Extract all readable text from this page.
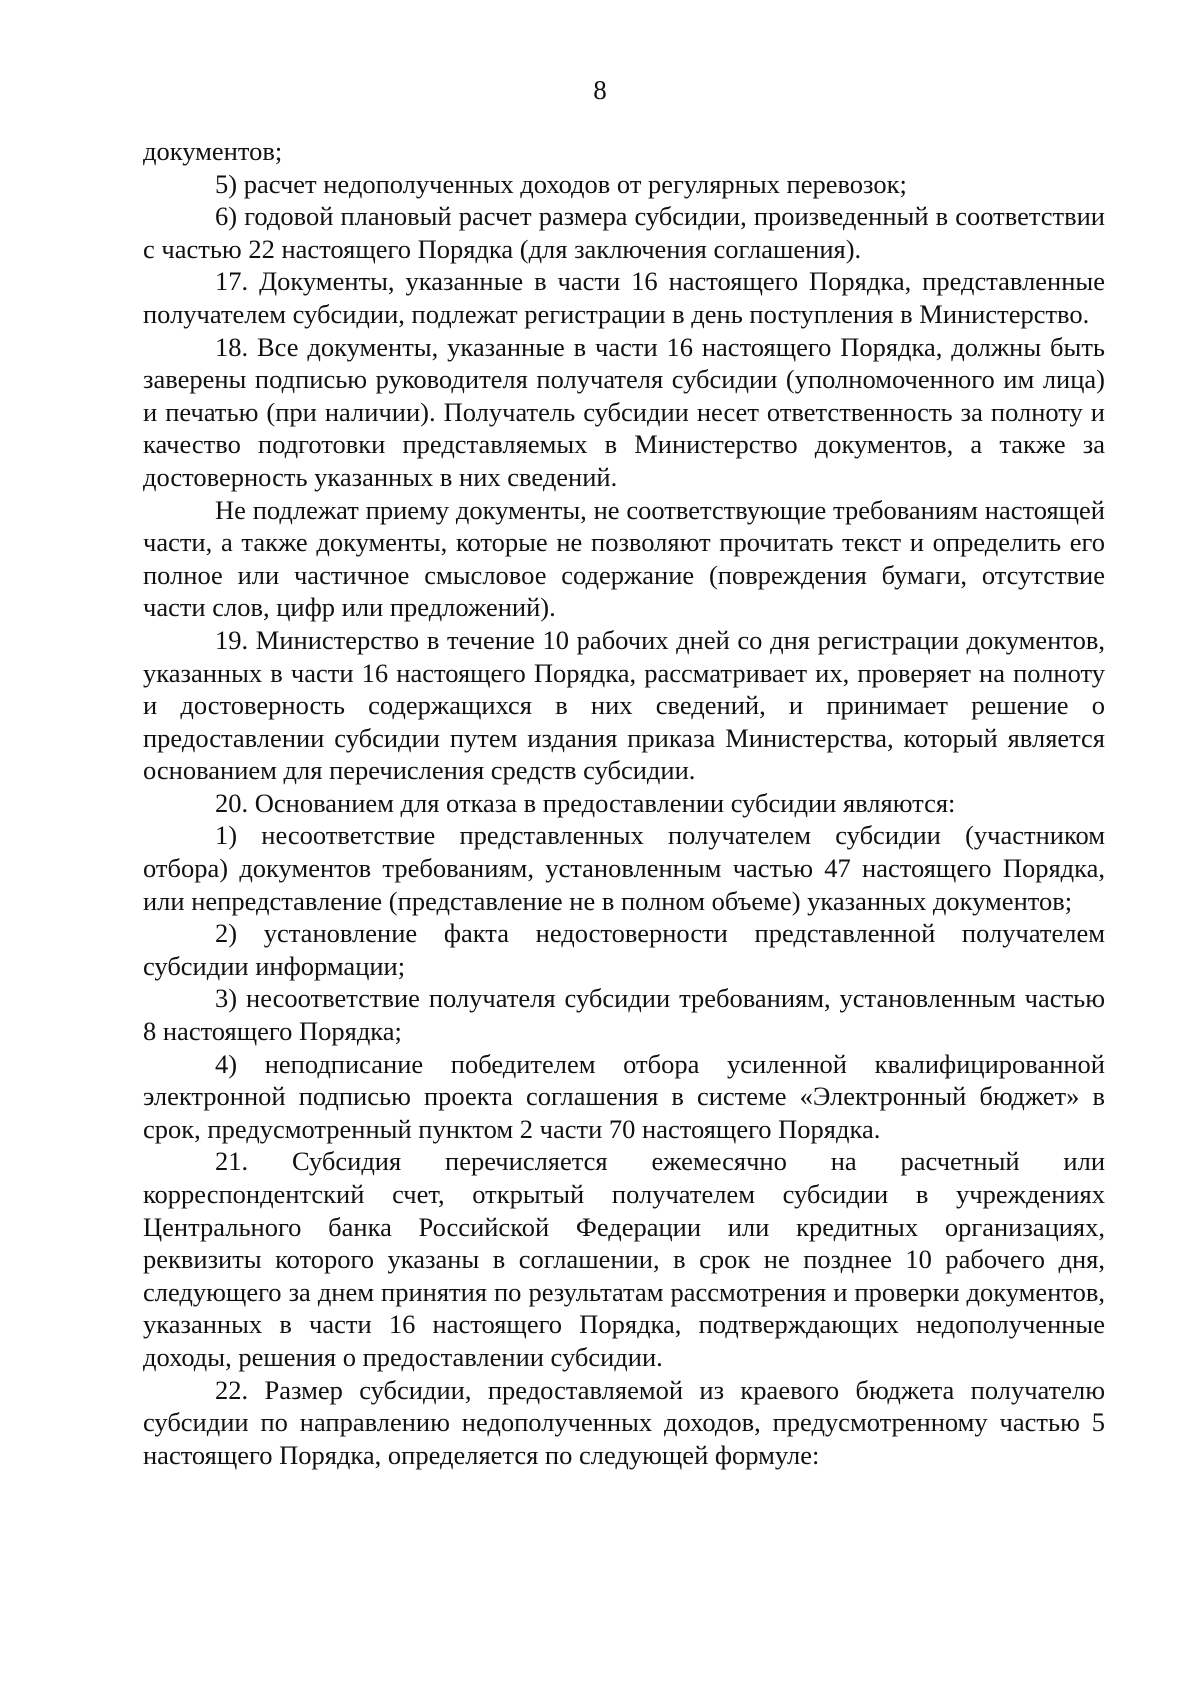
8

документов;

5) расчет недополученных доходов от регулярных перевозок;

6) годовой плановый расчет размера субсидии, произведенный в соответствии с частью 22 настоящего Порядка (для заключения соглашения).

17. Документы, указанные в части 16 настоящего Порядка, представленные получателем субсидии, подлежат регистрации в день поступления в Министерство.

18. Все документы, указанные в части 16 настоящего Порядка, должны быть заверены подписью руководителя получателя субсидии (уполномоченного им лица) и печатью (при наличии). Получатель субсидии несет ответственность за полноту и качество подготовки представляемых в Министерство документов, а также за достоверность указанных в них сведений.

Не подлежат приему документы, не соответствующие требованиям настоящей части, а также документы, которые не позволяют прочитать текст и определить его полное или частичное смысловое содержание (повреждения бумаги, отсутствие части слов, цифр или предложений).

19. Министерство в течение 10 рабочих дней со дня регистрации документов, указанных в части 16 настоящего Порядка, рассматривает их, проверяет на полноту и достоверность содержащихся в них сведений, и принимает решение о предоставлении субсидии путем издания приказа Министерства, который является основанием для перечисления средств субсидии.

20. Основанием для отказа в предоставлении субсидии являются:

1) несоответствие представленных получателем субсидии (участником отбора) документов требованиям, установленным частью 47 настоящего Порядка, или непредставление (представление не в полном объеме) указанных документов;

2) установление факта недостоверности представленной получателем субсидии информации;

3) несоответствие получателя субсидии требованиям, установленным частью 8 настоящего Порядка;

4) неподписание победителем отбора усиленной квалифицированной электронной подписью проекта соглашения в системе «Электронный бюджет» в срок, предусмотренный пунктом 2 части 70 настоящего Порядка.

21. Субсидия перечисляется ежемесячно на расчетный или корреспондентский счет, открытый получателем субсидии в учреждениях Центрального банка Российской Федерации или кредитных организациях, реквизиты которого указаны в соглашении, в срок не позднее 10 рабочего дня, следующего за днем принятия по результатам рассмотрения и проверки документов, указанных в части 16 настоящего Порядка, подтверждающих недополученные доходы, решения о предоставлении субсидии.

22. Размер субсидии, предоставляемой из краевого бюджета получателю субсидии по направлению недополученных доходов, предусмотренному частью 5 настоящего Порядка, определяется по следующей формуле:
